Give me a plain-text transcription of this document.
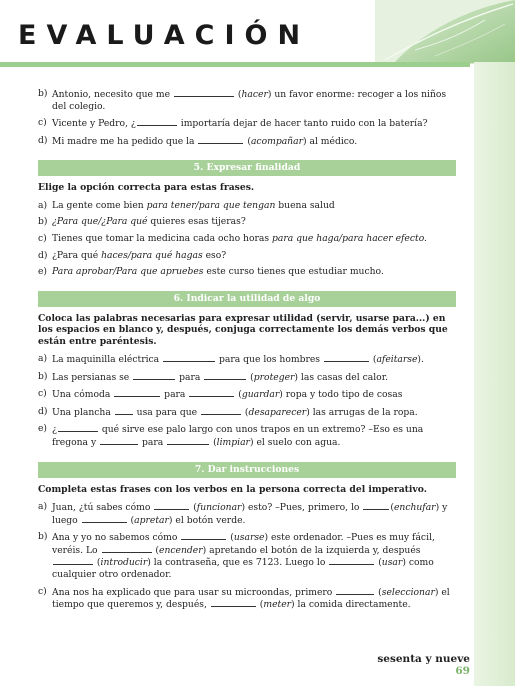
EVALUACIÓN
b) Antonio, necesito que me	(hacer) un favor enorme: recoger a los niños del colegio.
c) Vicente y Pedro, ¿	importaría dejar de hacer tanto ruido con la batería?
d) Mi madre me ha pedido que la	(acompañar) al médico.
5. Expresar finalidad
Elige la opción correcta para estas frases.
a) La gente come bien para tener/para que tengan buena salud
b) ¿Para que/¿Para qué quieres esas tijeras?
c) Tienes que tomar la medicina cada ocho horas para que haga/para hacer efecto.
d) ¿Para qué haces/para qué hagas eso?
e) Para aprobar/Para que apruebes este curso tienes que estudiar mucho.
6. Indicar la utilidad de algo
Coloca las palabras necesarias para expresar utilidad (servir, usarse para...) en los espacios en blanco y, después, conjuga correctamente los demás verbos que están entre paréntesis.
a) La maquinilla eléctrica	para que los hombres	(afeitarse).
b) Las persianas se	para	(proteger) las casas del calor.
c) Una cómoda	para	(guardar) ropa y todo tipo de cosas
d) Una plancha  usa para que	(desaparecer) las arrugas de la ropa.
e) ¿	qué sirve ese palo largo con unos trapos en un extremo? –Eso es una fregona y	para	(limpiar) el suelo con agua.
7. Dar instrucciones
Completa estas frases con los verbos en la persona correcta del imperativo.
a) Juan, ¿tú sabes cómo	(funcionar) esto? –Pues, primero, lo	(enchufar) y luego	(apretar) el botón verde.
b) Ana y yo no sabemos cómo	(usarse) este ordenador. –Pues es muy fácil, veréis. Lo	(encender) apretando el botón de la izquierda y, después  (introducir) la contraseña, que es 7123. Luego lo	(usar) como cualquier otro ordenador.
c) Ana nos ha explicado que para usar su microondas, primero	(seleccionar) el tiempo que queremos y, después,	(meter) la comida directamente.
sesenta y nueve 69
